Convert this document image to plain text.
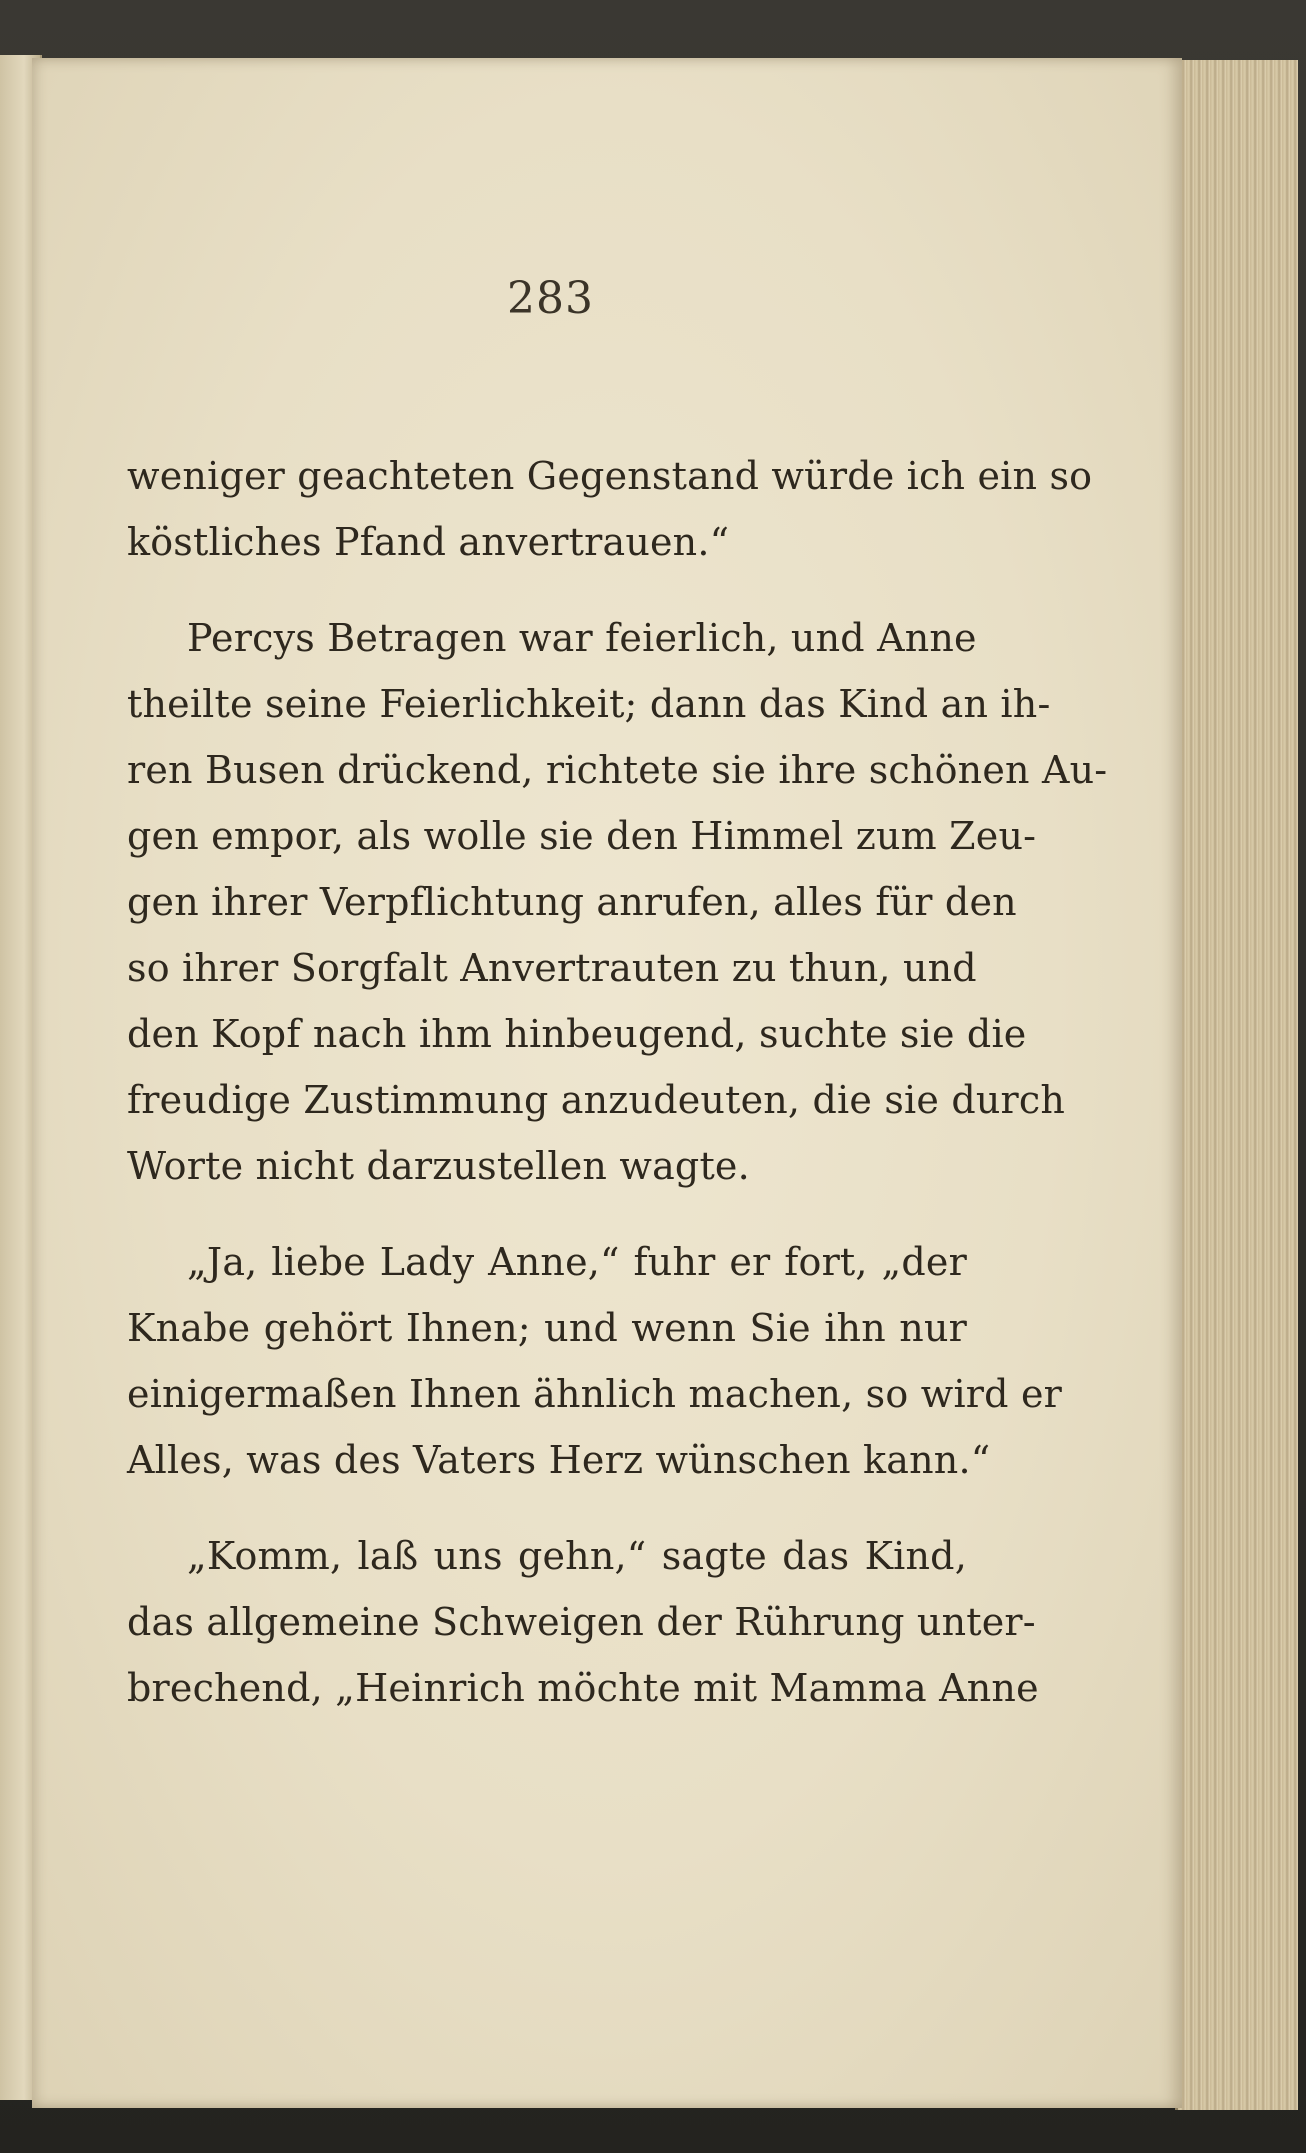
283
weniger geachteten Gegenstand würde ich ein so
köstliches Pfand anvertrauen.“
Percys Betragen war feierlich, und Anne
theilte seine Feierlichkeit; dann das Kind an ih-
ren Busen drückend, richtete sie ihre schönen Au-
gen empor, als wolle sie den Himmel zum Zeu-
gen ihrer Verpflichtung anrufen, alles für den
so ihrer Sorgfalt Anvertrauten zu thun, und
den Kopf nach ihm hinbeugend, suchte sie die
freudige Zustimmung anzudeuten, die sie durch
Worte nicht darzustellen wagte.
„Ja, liebe Lady Anne,“ fuhr er fort, „der
Knabe gehört Ihnen; und wenn Sie ihn nur
einigermaßen Ihnen ähnlich machen, so wird er
Alles, was des Vaters Herz wünschen kann.“
„Komm, laß uns gehn,“ sagte das Kind,
das allgemeine Schweigen der Rührung unter-
brechend, „Heinrich möchte mit Mamma Anne
